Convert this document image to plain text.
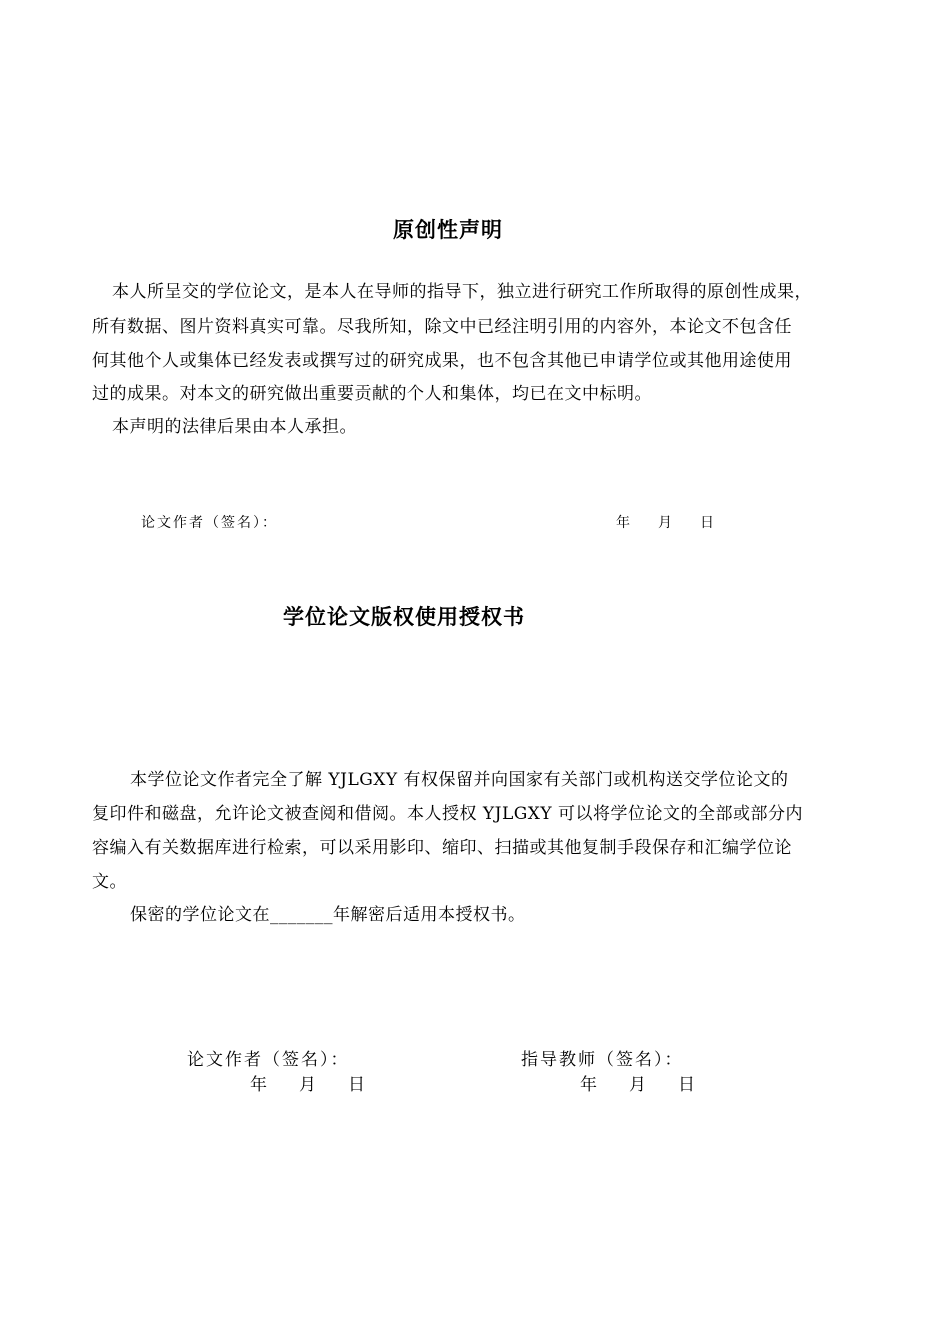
原创性声明
本人所呈交的学位论文，是本人在导师的指导下，独立进行研究工作所取得的原创性成果，
所有数据、图片资料真实可靠。尽我所知，除文中已经注明引用的内容外，本论文不包含任
何其他个人或集体已经发表或撰写过的研究成果，也不包含其他已申请学位或其他用途使用
过的成果。对本文的研究做出重要贡献的个人和集体，均已在文中标明。
本声明的法律后果由本人承担。
论文作者（签名）：	年 月 日
学位论文版权使用授权书
本学位论文作者完全了解 YJLGXY 有权保留并向国家有关部门或机构送交学位论文的
复印件和磁盘，允许论文被查阅和借阅。本人授权 YJLGXY 可以将学位论文的全部或部分内
容编入有关数据库进行检索，可以采用影印、缩印、扫描或其他复制手段保存和汇编学位论
文。
保密的学位论文在_______年解密后适用本授权书。
论文作者（签名）：	指导教师（签名）：
年 月 日	年 月 日
